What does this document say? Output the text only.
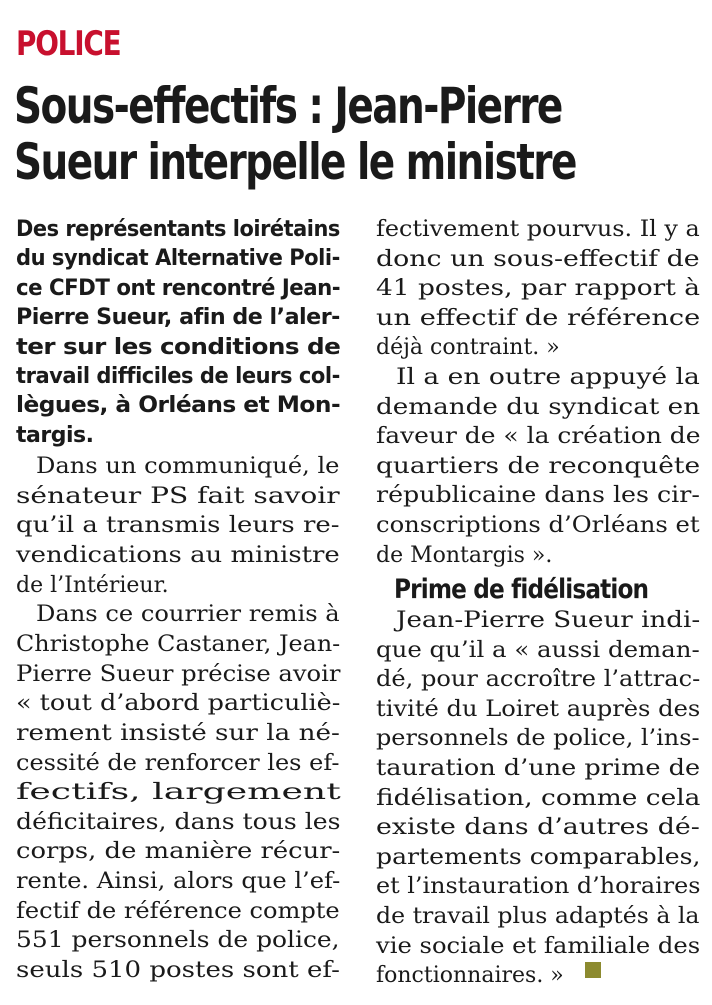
POLICE
Sous-effectifs : Jean-Pierre
Sueur interpelle le ministre
Des représentants loirétains
du syndicat Alternative Poli-
ce CFDT ont rencontré Jean-
Pierre Sueur, afin de l’aler-
ter sur les conditions de
travail difficiles de leurs col-
lègues, à Orléans et Mon-
targis.
Dans un communiqué, le
sénateur PS fait savoir
qu’il a transmis leurs re-
vendications au ministre
de l’Intérieur.
Dans ce courrier remis à
Christophe Castaner, Jean-
Pierre Sueur précise avoir
« tout d’abord particuliè-
rement insisté sur la né-
cessité de renforcer les ef-
fectifs, largement
déficitaires, dans tous les
corps, de manière récur-
rente. Ainsi, alors que l’ef-
fectif de référence compte
551 personnels de police,
seuls 510 postes sont ef-
fectivement pourvus. Il y a
donc un sous-effectif de
41 postes, par rapport à
un effectif de référence
déjà contraint. »
Il a en outre appuyé la
demande du syndicat en
faveur de « la création de
quartiers de reconquête
républicaine dans les cir-
conscriptions d’Orléans et
de Montargis ».
Jean-Pierre Sueur indi-
que qu’il a « aussi deman-
dé, pour accroître l’attrac-
tivité du Loiret auprès des
personnels de police, l’ins-
tauration d’une prime de
fidélisation, comme cela
existe dans d’autres dé-
partements comparables,
et l’instauration d’horaires
de travail plus adaptés à la
vie sociale et familiale des
fonctionnaires. »
Prime de fidélisation
